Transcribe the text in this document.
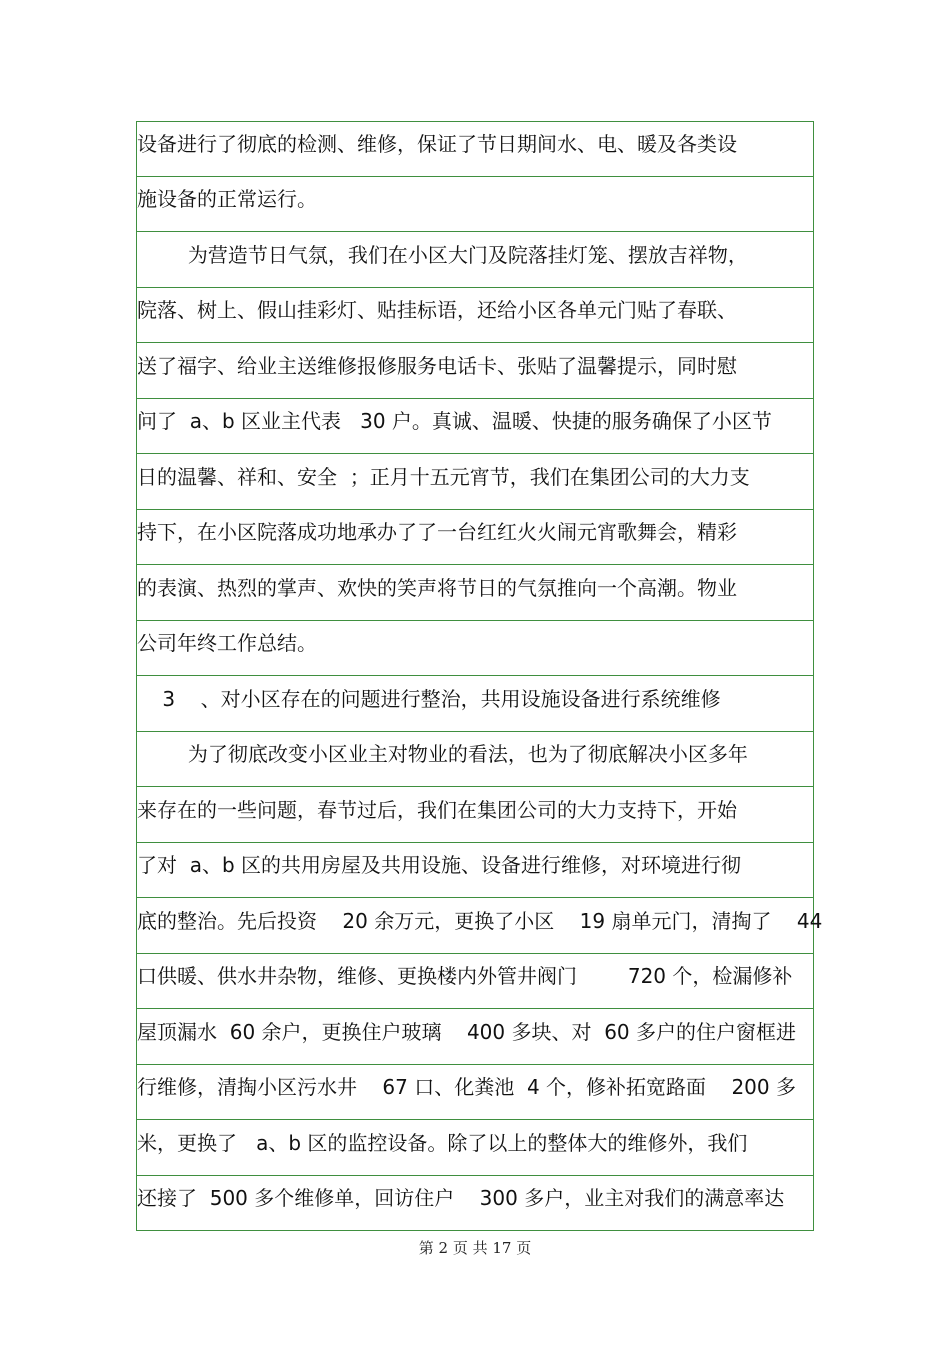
设备进行了彻底的检测、维修，保证了节日期间水、电、暖及各类设
施设备的正常运行。
为营造节日气氛，我们在小区大门及院落挂灯笼、摆放吉祥物，
院落、树上、假山挂彩灯、贴挂标语，还给小区各单元门贴了春联、
送了福字、给业主送维修报修服务电话卡、张贴了温馨提示，同时慰
问了  a、b 区业主代表   30 户。真诚、温暖、快捷的服务确保了小区节
日的温馨、祥和、安全  ；正月十五元宵节，我们在集团公司的大力支
持下，在小区院落成功地承办了了一台红红火火闹元宵歌舞会，精彩
的表演、热烈的掌声、欢快的笑声将节日的气氛推向一个高潮。物业
公司年终工作总结。
3    、对小区存在的问题进行整治，共用设施设备进行系统维修
为了彻底改变小区业主对物业的看法，也为了彻底解决小区多年
来存在的一些问题，春节过后，我们在集团公司的大力支持下，开始
了对  a、b 区的共用房屋及共用设施、设备进行维修，对环境进行彻
底的整治。先后投资    20 余万元，更换了小区    19 扇单元门，清掏了    44
口供暖、供水井杂物，维修、更换楼内外管井阀门        720 个，检漏修补
屋顶漏水  60 余户，更换住户玻璃    400 多块、对  60 多户的住户窗框进
行维修，清掏小区污水井    67 口、化粪池  4 个，修补拓宽路面    200 多
米，更换了   a、b 区的监控设备。除了以上的整体大的维修外，我们
还接了  500 多个维修单，回访住户    300 多户，业主对我们的满意率达
第 2 页 共 17 页
